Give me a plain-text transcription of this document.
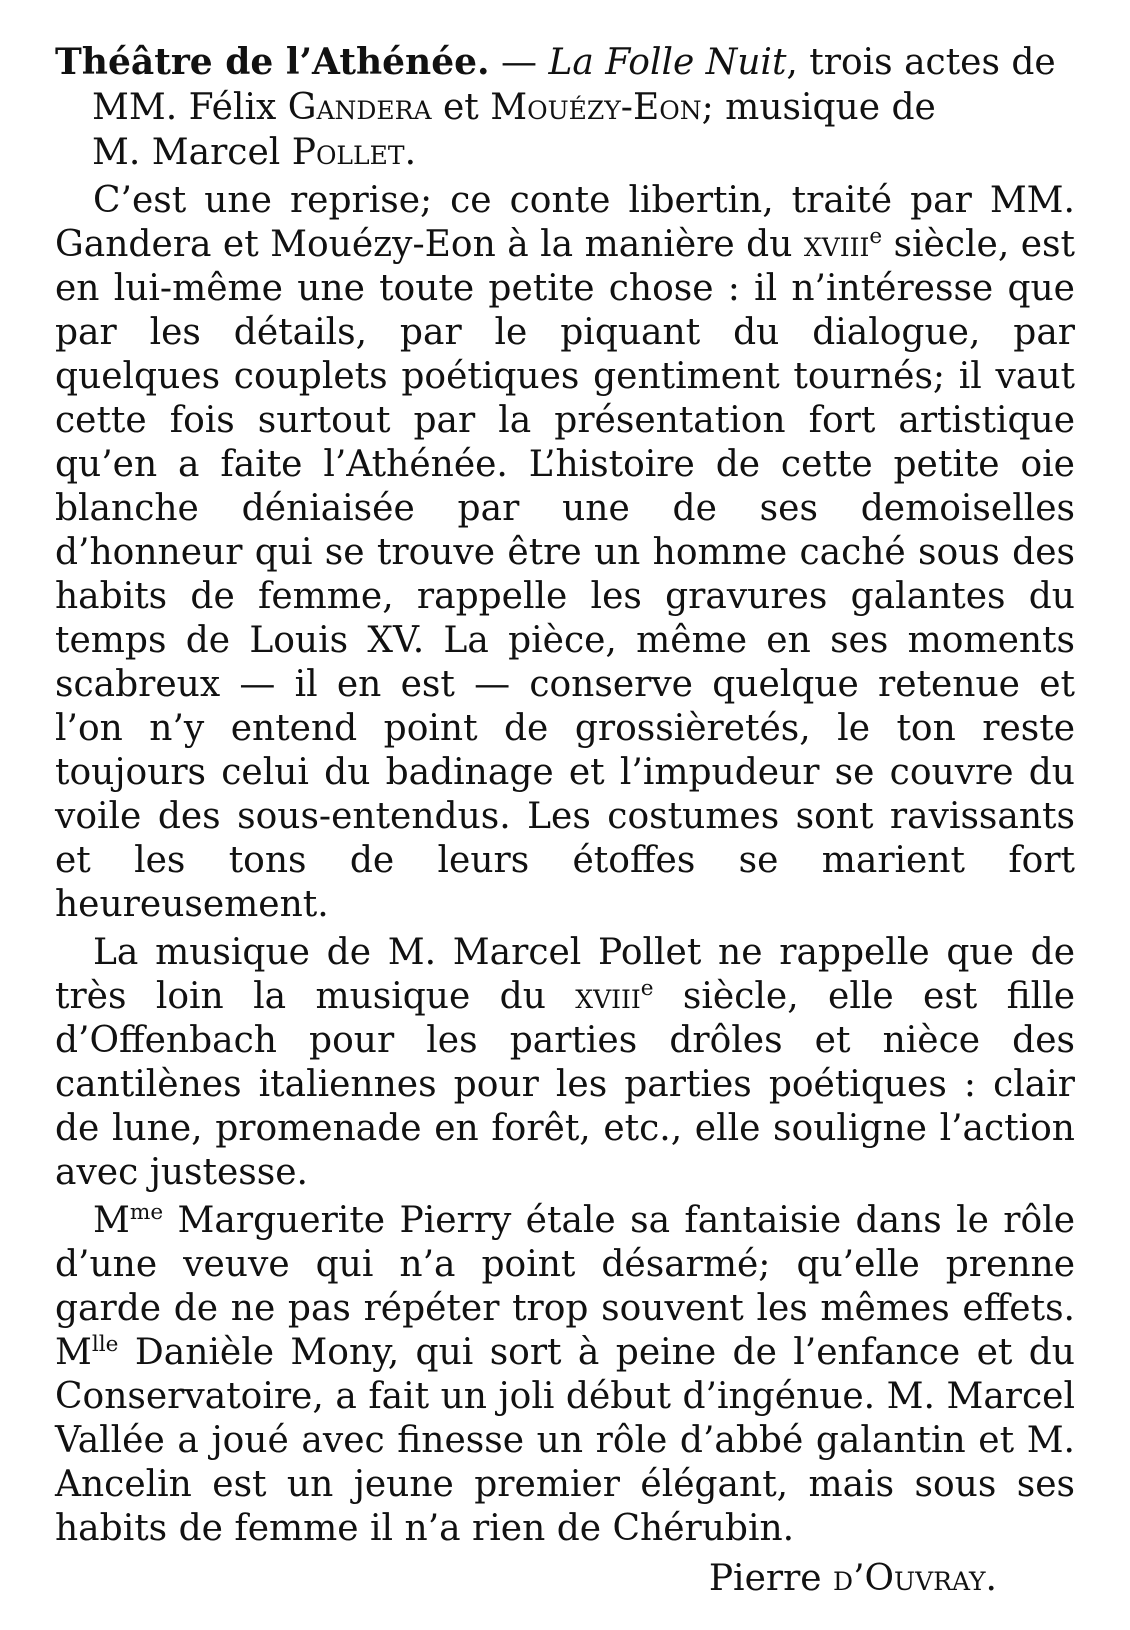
Théâtre de l’Athénée. — La Folle Nuit, trois actes de
MM. Félix Gandera et Mouézy-Eon; musique de
M. Marcel Pollet.

C’est une reprise; ce conte libertin, traité par MM. Gandera et Mouézy-Eon à la manière du xviii$^e$ siècle, est en lui-même une toute petite chose : il n’intéresse que par les détails, par le piquant du dialogue, par quelques couplets poétiques gentiment tournés; il vaut cette fois surtout par la présentation fort artistique qu’en a faite l’Athénée. L’histoire de cette petite oie blanche déniaisée par une de ses demoiselles d’honneur qui se trouve être un homme caché sous des habits de femme, rappelle les gravures galantes du temps de Louis XV. La pièce, même en ses moments scabreux — il en est — conserve quelque retenue et l’on n’y entend point de grossièretés, le ton reste toujours celui du badinage et l’impudeur se couvre du voile des sous-entendus. Les costumes sont ravissants et les tons de leurs étoffes se marient fort heureusement.

La musique de M. Marcel Pollet ne rappelle que de très loin la musique du xviii$^e$ siècle, elle est fille d’Offenbach pour les parties drôles et nièce des cantilènes italiennes pour les parties poétiques : clair de lune, promenade en forêt, etc., elle souligne l’action avec justesse.

$M^{me}$ Marguerite Pierry étale sa fantaisie dans le rôle d’une veuve qui n’a point désarmé; qu’elle prenne garde de ne pas répéter trop souvent les mêmes effets. $M^{lle}$ Danièle Mony, qui sort à peine de l’enfance et du Conservatoire, a fait un joli début d’ingénue. M. Marcel Vallée a joué avec finesse un rôle d’abbé galantin et M. Ancelin est un jeune premier élégant, mais sous ses habits de femme il n’a rien de Chérubin.

Pierre d’Ouvray.
